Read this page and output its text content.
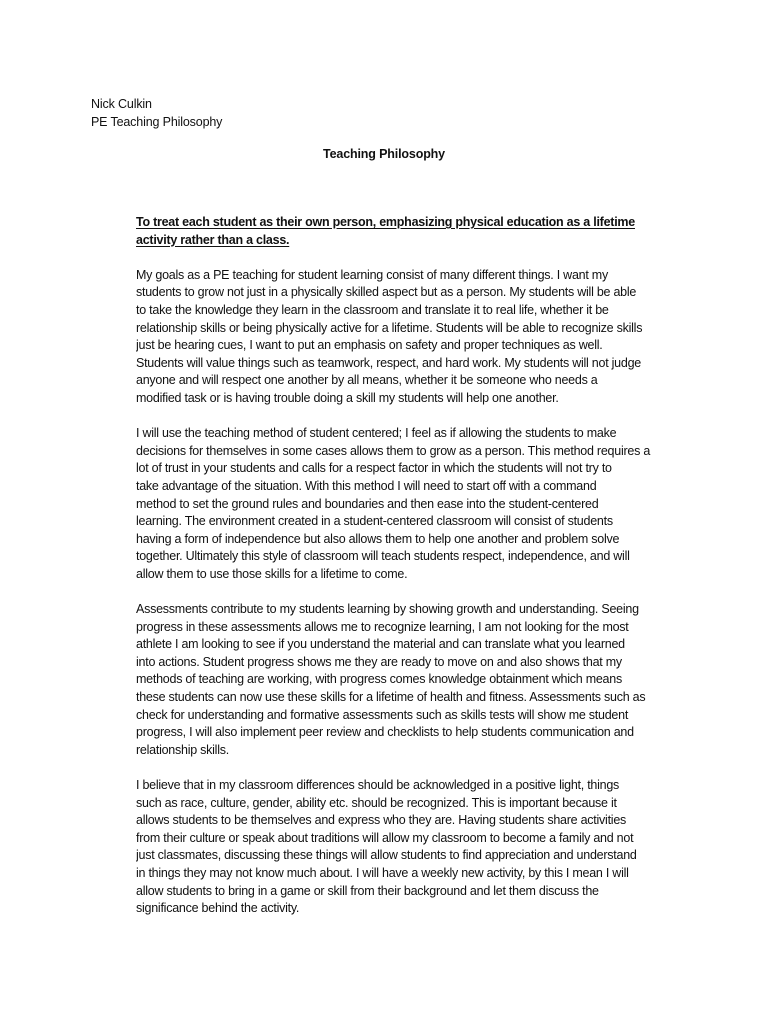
Nick Culkin
PE Teaching Philosophy
Teaching Philosophy
To treat each student as their own person, emphasizing physical education as a lifetime
activity rather than a class.
My goals as a PE teaching for student learning consist of many different things. I want my
students to grow not just in a physically skilled aspect but as a person. My students will be able
to take the knowledge they learn in the classroom and translate it to real life, whether it be
relationship skills or being physically active for a lifetime. Students will be able to recognize skills
just be hearing cues, I want to put an emphasis on safety and proper techniques as well.
Students will value things such as teamwork, respect, and hard work. My students will not judge
anyone and will respect one another by all means, whether it be someone who needs a
modified task or is having trouble doing a skill my students will help one another.
I will use the teaching method of student centered; I feel as if allowing the students to make
decisions for themselves in some cases allows them to grow as a person. This method requires a
lot of trust in your students and calls for a respect factor in which the students will not try to
take advantage of the situation. With this method I will need to start off with a command
method to set the ground rules and boundaries and then ease into the student-centered
learning. The environment created in a student-centered classroom will consist of students
having a form of independence but also allows them to help one another and problem solve
together. Ultimately this style of classroom will teach students respect, independence, and will
allow them to use those skills for a lifetime to come.
Assessments contribute to my students learning by showing growth and understanding. Seeing
progress in these assessments allows me to recognize learning, I am not looking for the most
athlete I am looking to see if you understand the material and can translate what you learned
into actions. Student progress shows me they are ready to move on and also shows that my
methods of teaching are working, with progress comes knowledge obtainment which means
these students can now use these skills for a lifetime of health and fitness. Assessments such as
check for understanding and formative assessments such as skills tests will show me student
progress, I will also implement peer review and checklists to help students communication and
relationship skills.
I believe that in my classroom differences should be acknowledged in a positive light, things
such as race, culture, gender, ability etc. should be recognized. This is important because it
allows students to be themselves and express who they are. Having students share activities
from their culture or speak about traditions will allow my classroom to become a family and not
just classmates, discussing these things will allow students to find appreciation and understand
in things they may not know much about. I will have a weekly new activity, by this I mean I will
allow students to bring in a game or skill from their background and let them discuss the
significance behind the activity.
